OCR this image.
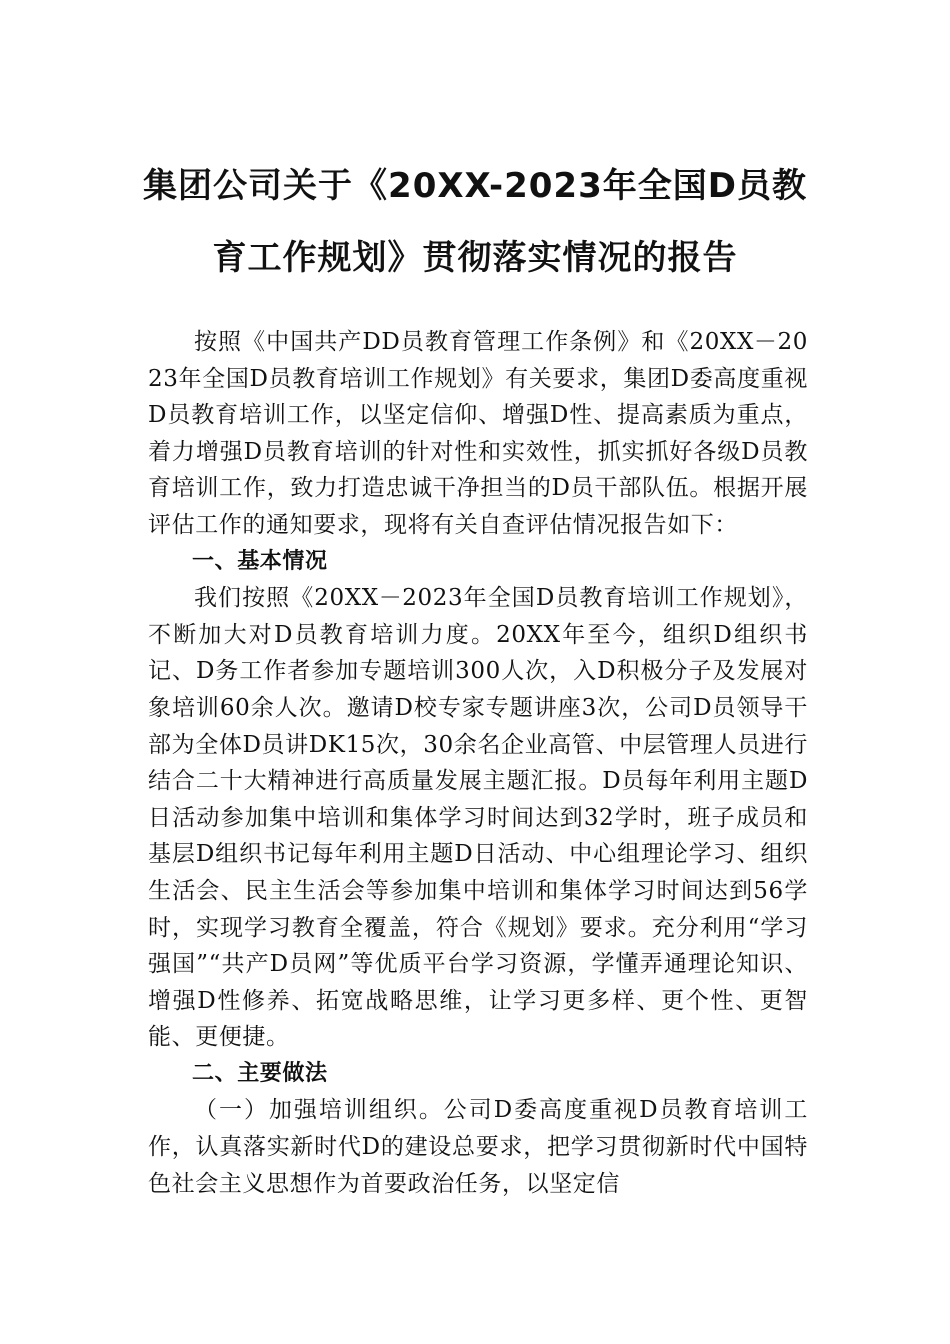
集团公司关于《20XX-2023年全国D员教
育工作规划》贯彻落实情况的报告

按照《中国共产DD员教育管理工作条例》和《20XX－2023年全国D员教育培训工作规划》有关要求，集团D委高度重视D员教育培训工作，以坚定信仰、增强D性、提高素质为重点，着力增强D员教育培训的针对性和实效性，抓实抓好各级D员教育培训工作，致力打造忠诚干净担当的D员干部队伍。根据开展评估工作的通知要求，现将有关自查评估情况报告如下：

一、基本情况

我们按照《20XX－2023年全国D员教育培训工作规划》，不断加大对D员教育培训力度。20XX年至今，组织D组织书记、D务工作者参加专题培训300人次，入D积极分子及发展对象培训60余人次。邀请D校专家专题讲座3次，公司D员领导干部为全体D员讲DK15次，30余名企业高管、中层管理人员进行结合二十大精神进行高质量发展主题汇报。D员每年利用主题D日活动参加集中培训和集体学习时间达到32学时，班子成员和基层D组织书记每年利用主题D日活动、中心组理论学习、组织生活会、民主生活会等参加集中培训和集体学习时间达到56学时，实现学习教育全覆盖，符合《规划》要求。充分利用“学习强国”“共产D员网”等优质平台学习资源，学懂弄通理论知识、增强D性修养、拓宽战略思维，让学习更多样、更个性、更智能、更便捷。

二、主要做法

（一）加强培训组织。公司D委高度重视D员教育培训工作，认真落实新时代D的建设总要求，把学习贯彻新时代中国特色社会主义思想作为首要政治任务，以坚定信
